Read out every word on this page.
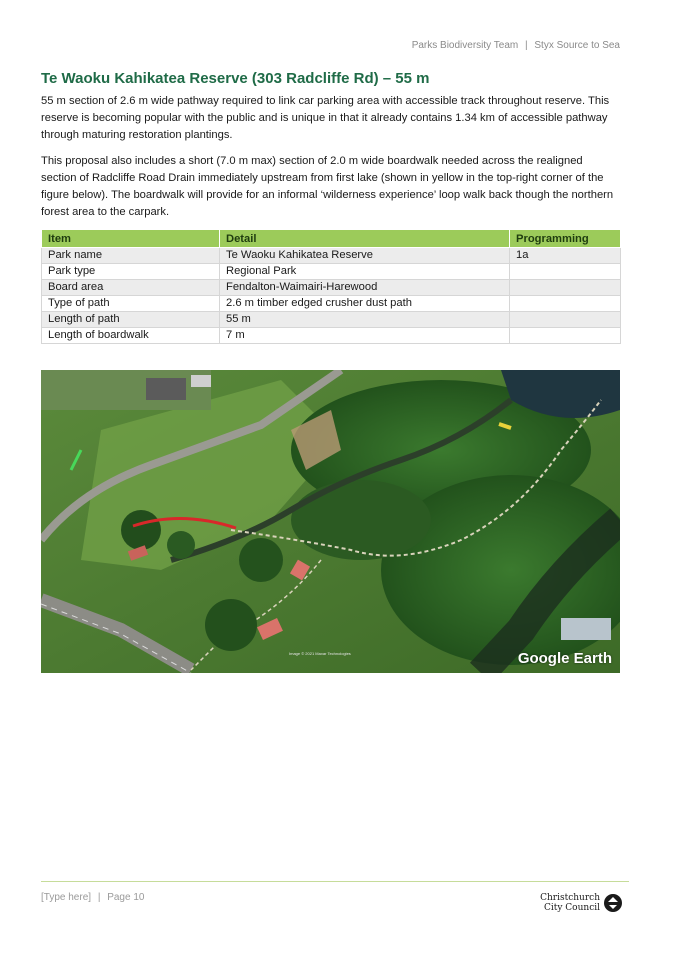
Parks Biodiversity Team | Styx Source to Sea
Te Waoku Kahikatea Reserve (303 Radcliffe Rd) – 55 m

55 m section of 2.6 m wide pathway required to link car parking area with accessible track throughout reserve. This reserve is becoming popular with the public and is unique in that it already contains 1.34 km of accessible pathway through maturing restoration plantings.

This proposal also includes a short (7.0 m max) section of 2.0 m wide boardwalk needed across the realigned section of Radcliffe Road Drain immediately upstream from first lake (shown in yellow in the top-right corner of the figure below). The boardwalk will provide for an informal ‘wilderness experience’ loop walk back though the northern forest area to the carpark.

Item	Detail	Programming
Park name	Te Waoku Kahikatea Reserve	1a
Park type	Regional Park	
Board area	Fendalton-Waimairi-Harewood	
Type of path	2.6 m timber edged crusher dust path	
Length of path	55 m	
Length of boardwalk	7 m	
Image © 2021 Maxar Technologies	Google Earth
[Type here] | Page 10	Christchurch
City Council
